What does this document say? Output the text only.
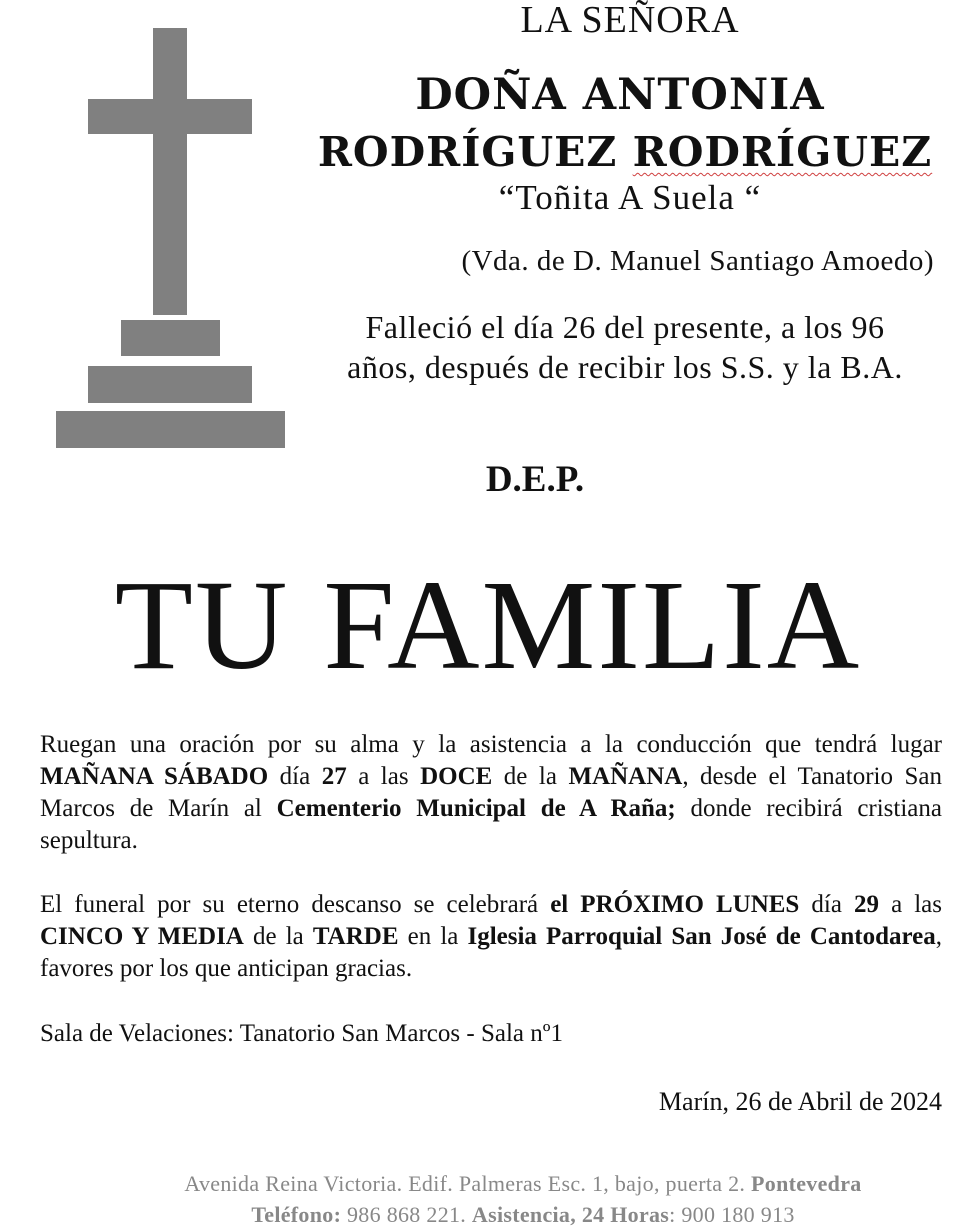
LA SEÑORA
DOÑA ANTONIA
RODRÍGUEZ RODRÍGUEZ
“Toñita A Suela “
(Vda. de D. Manuel Santiago Amoedo)
Falleció el día 26 del presente, a los 96
años, después de recibir los S.S. y la B.A.
D.E.P.
TU FAMILIA
Ruegan una oración por su alma y la asistencia a la conducción que tendrá lugar MAÑANA SÁBADO día 27 a las DOCE de la MAÑANA, desde el Tanatorio San Marcos de Marín al Cementerio Municipal de A Raña; donde recibirá cristiana sepultura.
El funeral por su eterno descanso se celebrará el PRÓXIMO LUNES día 29 a las CINCO Y MEDIA de la TARDE en la Iglesia Parroquial San José de Cantodarea, favores por los que anticipan gracias.
Sala de Velaciones: Tanatorio San Marcos - Sala nº1
Marín, 26 de Abril de 2024
Avenida Reina Victoria. Edif. Palmeras Esc. 1, bajo, puerta 2. Pontevedra
Teléfono: 986 868 221. Asistencia, 24 Horas: 900 180 913
